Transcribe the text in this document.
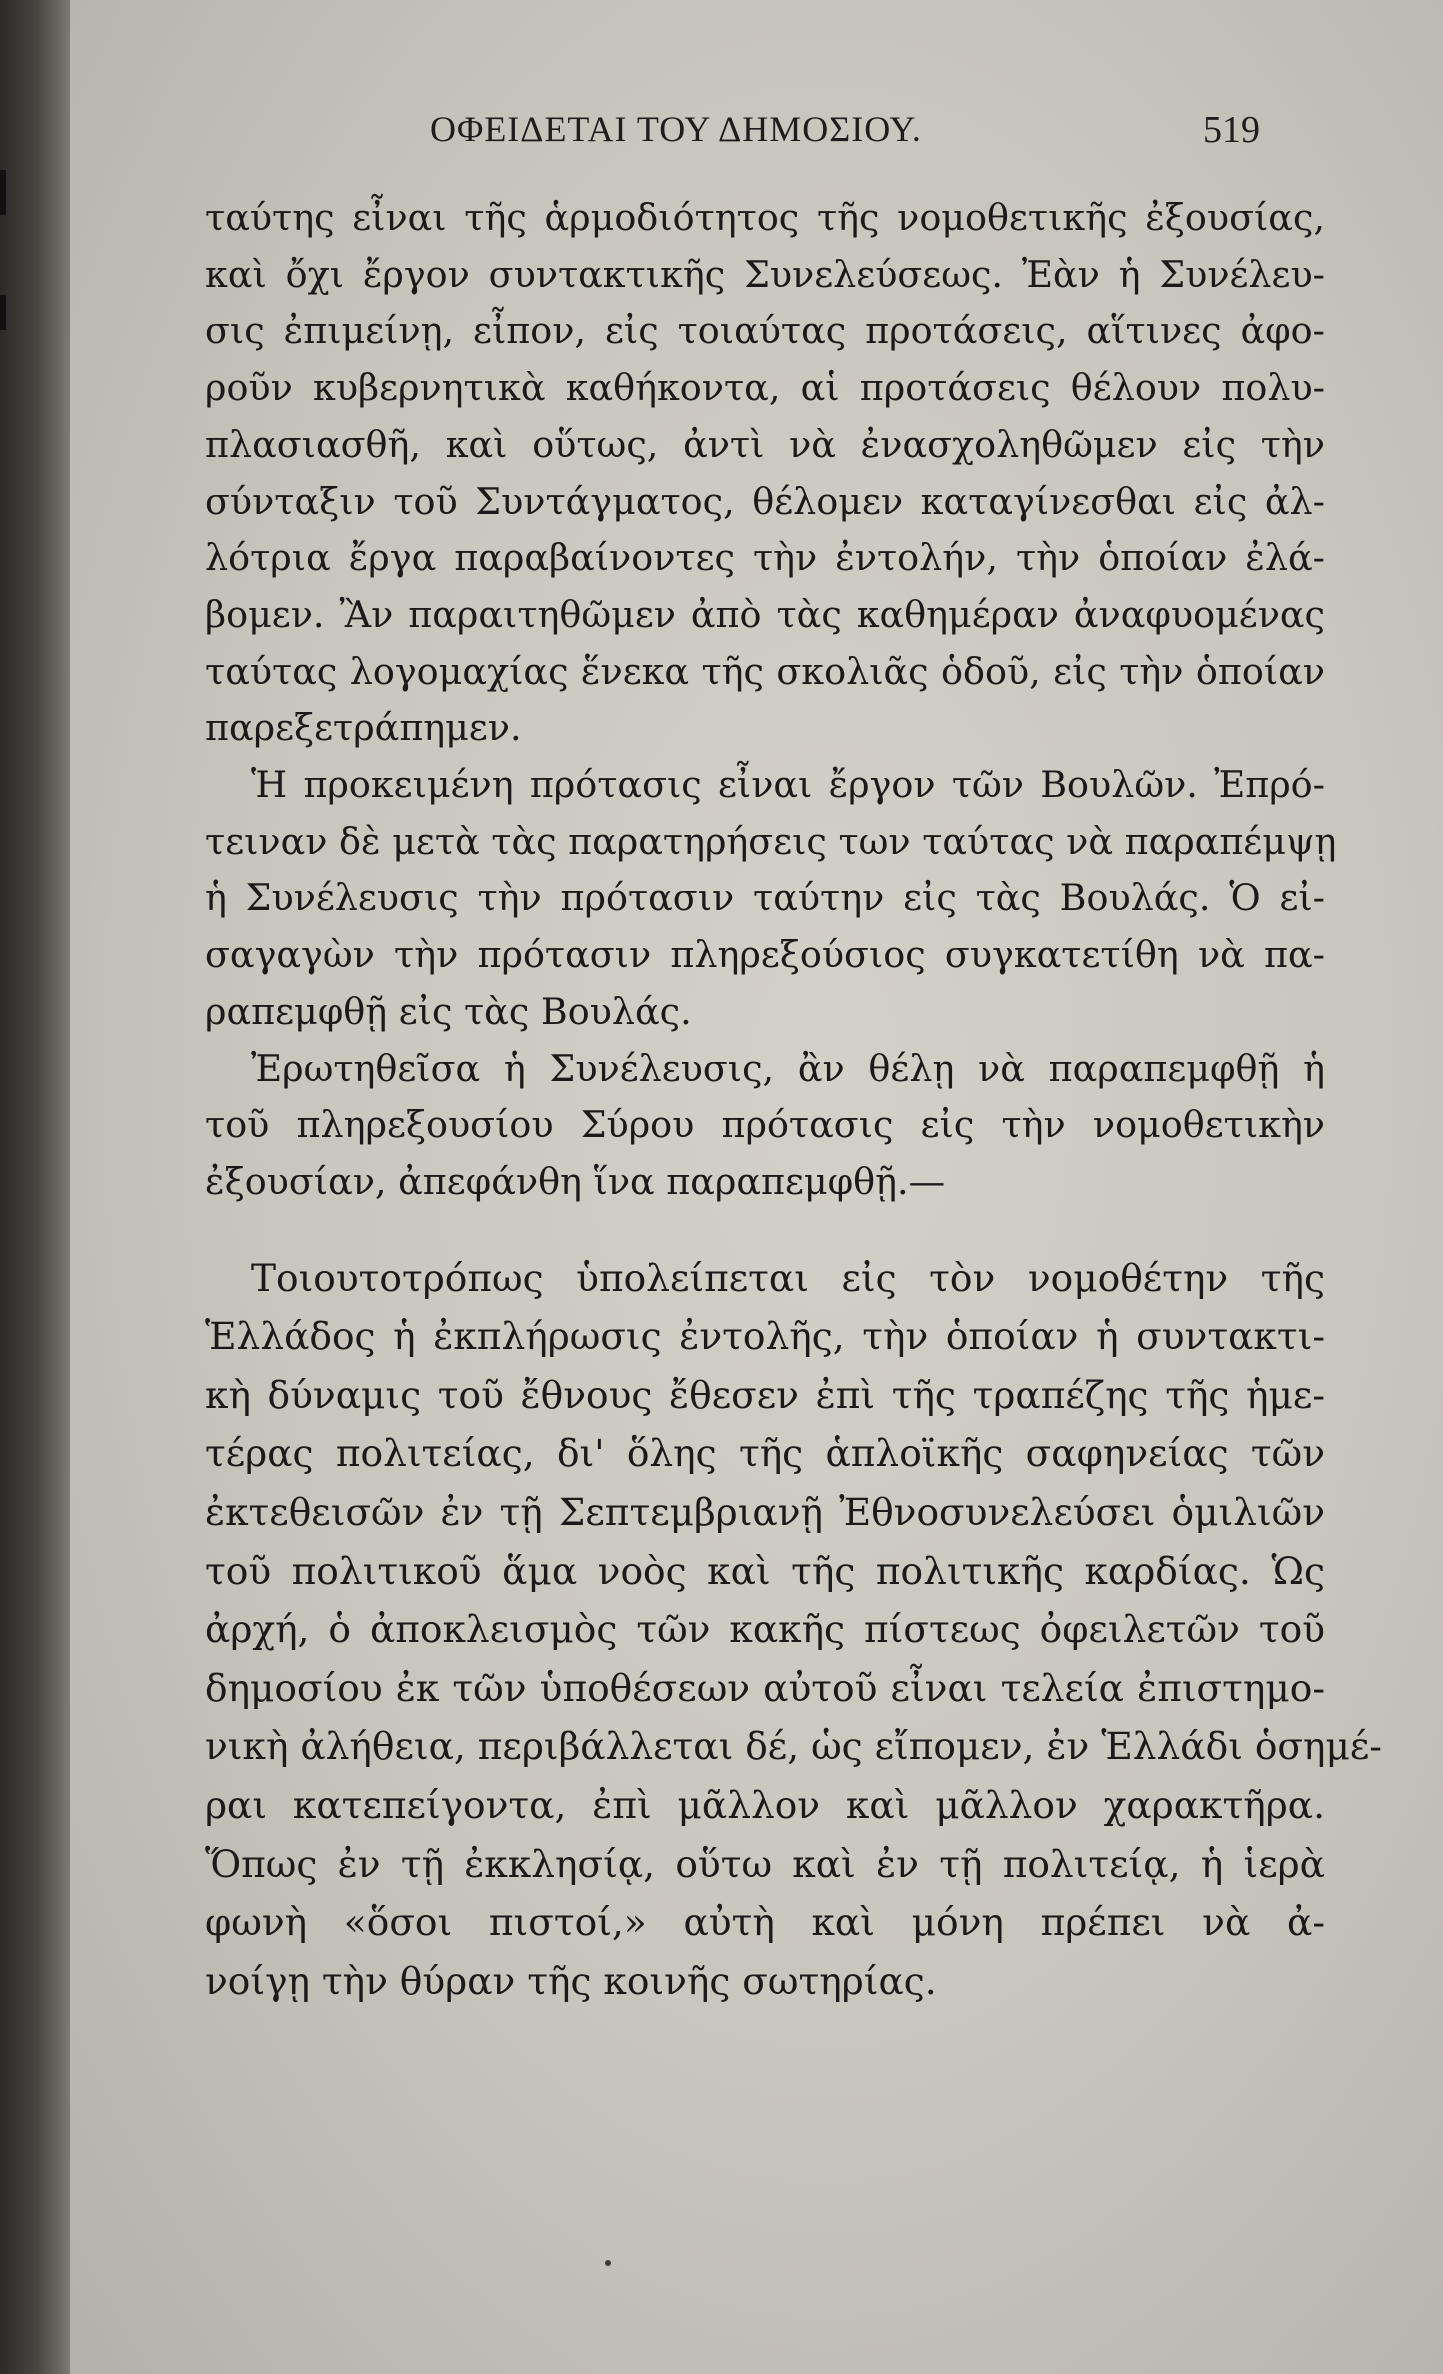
ΟΦΕΙΔΕΤΑΙ ΤΟΥ ΔΗΜΟΣΙΟΥ.	519
ταύτης εἶναι τῆς ἁρμοδιότητος τῆς νομοθετικῆς ἐξουσίας,
καὶ ὄχι ἔργον συντακτικῆς Συνελεύσεως. Ἐὰν ἡ Συνέλευ-
σις ἐπιμείνῃ, εἶπον, εἰς τοιαύτας προτάσεις, αἵτινες ἀφο-
ροῦν κυβερνητικὰ καθήκοντα, αἱ προτάσεις θέλουν πολυ-
πλασιασθῆ, καὶ οὕτως, ἀντὶ νὰ ἐνασχοληθῶμεν εἰς τὴν
σύνταξιν τοῦ Συντάγματος, θέλομεν καταγίνεσθαι εἰς ἀλ-
λότρια ἔργα παραβαίνοντες τὴν ἐντολήν, τὴν ὁποίαν ἐλά-
βομεν. Ἂν παραιτηθῶμεν ἀπὸ τὰς καθημέραν ἀναφυομένας
ταύτας λογομαχίας ἕνεκα τῆς σκολιᾶς ὁδοῦ, εἰς τὴν ὁποίαν
παρεξετράπημεν.
Ἡ προκειμένη πρότασις εἶναι ἔργον τῶν Βουλῶν. Ἐπρό-
τειναν δὲ μετὰ τὰς παρατηρήσεις των ταύτας νὰ παραπέμψῃ
ἡ Συνέλευσις τὴν πρότασιν ταύτην εἰς τὰς Βουλάς. Ὁ εἰ-
σαγαγὼν τὴν πρότασιν πληρεξούσιος συγκατετίθη νὰ πα-
ραπεμφθῇ εἰς τὰς Βουλάς.
Ἐρωτηθεῖσα ἡ Συνέλευσις, ἂν θέλῃ νὰ παραπεμφθῇ ἡ
τοῦ πληρεξουσίου Σύρου πρότασις εἰς τὴν νομοθετικὴν
ἐξουσίαν, ἀπεφάνθη ἵνα παραπεμφθῇ.—
Τοιουτοτρόπως ὑπολείπεται εἰς τὸν νομοθέτην τῆς
Ἑλλάδος ἡ ἐκπλήρωσις ἐντολῆς, τὴν ὁποίαν ἡ συντακτι-
κὴ δύναμις τοῦ ἔθνους ἔθεσεν ἐπὶ τῆς τραπέζης τῆς ἡμε-
τέρας πολιτείας, δι' ὅλης τῆς ἁπλοϊκῆς σαφηνείας τῶν
ἐκτεθεισῶν ἐν τῇ Σεπτεμβριανῇ Ἐθνοσυνελεύσει ὁμιλιῶν
τοῦ πολιτικοῦ ἅμα νοὸς καὶ τῆς πολιτικῆς καρδίας. Ὡς
ἀρχή, ὁ ἀποκλεισμὸς τῶν κακῆς πίστεως ὀφειλετῶν τοῦ
δημοσίου ἐκ τῶν ὑποθέσεων αὐτοῦ εἶναι τελεία ἐπιστημο-
νικὴ ἀλήθεια, περιβάλλεται δέ, ὡς εἴπομεν, ἐν Ἑλλάδι ὁσημέ-
ραι κατεπείγοντα, ἐπὶ μᾶλλον καὶ μᾶλλον χαρακτῆρα.
Ὅπως ἐν τῇ ἐκκλησίᾳ, οὕτω καὶ ἐν τῇ πολιτείᾳ, ἡ ἱερὰ
φωνὴ «ὅσοι πιστοί,» αὐτὴ καὶ μόνη πρέπει νὰ ἀ-
νοίγῃ τὴν θύραν τῆς κοινῆς σωτηρίας.
